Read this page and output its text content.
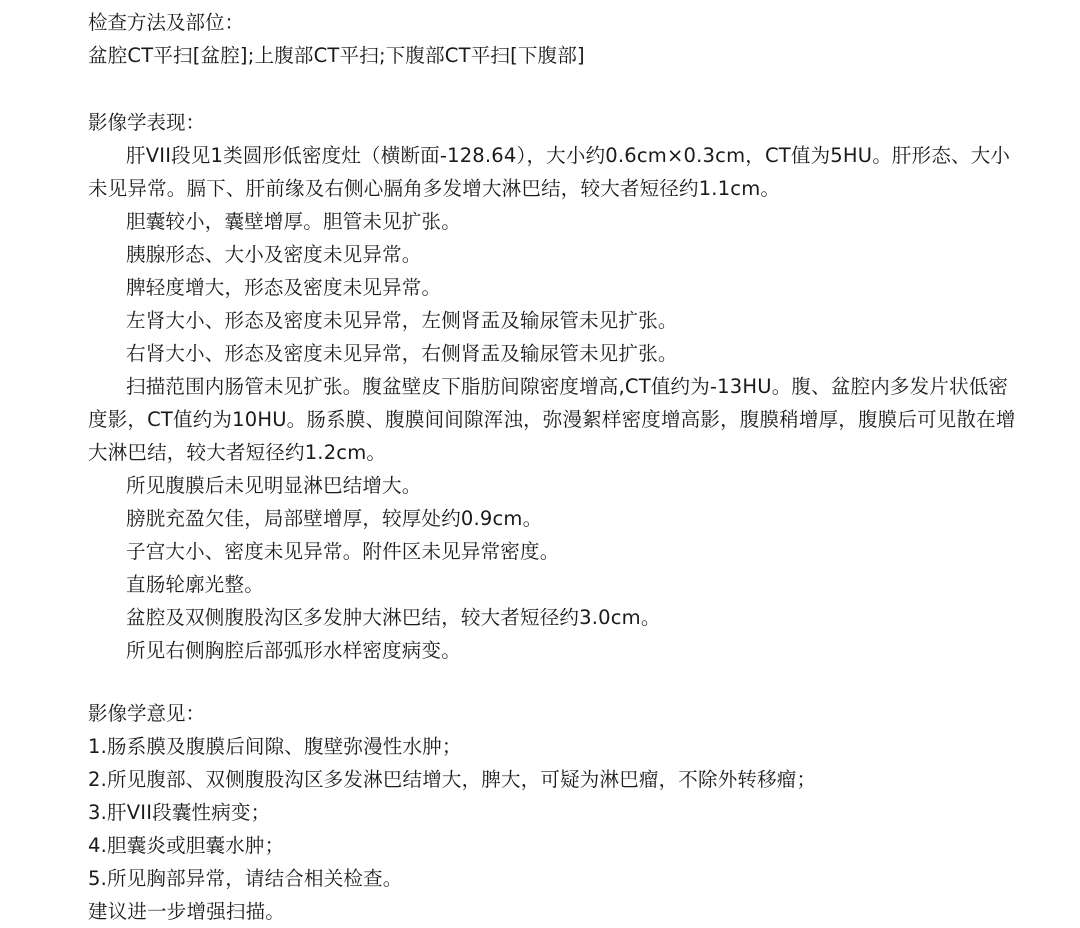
检查方法及部位：
盆腔CT平扫[盆腔];上腹部CT平扫;下腹部CT平扫[下腹部]
影像学表现：
肝VII段见1类圆形低密度灶（横断面-128.64），大小约0.6cm×0.3cm，CT值为5HU。肝形态、大小未见异常。膈下、肝前缘及右侧心膈角多发增大淋巴结，较大者短径约1.1cm。
胆囊较小，囊壁增厚。胆管未见扩张。
胰腺形态、大小及密度未见异常。
脾轻度增大，形态及密度未见异常。
左肾大小、形态及密度未见异常，左侧肾盂及输尿管未见扩张。
右肾大小、形态及密度未见异常，右侧肾盂及输尿管未见扩张。
扫描范围内肠管未见扩张。腹盆壁皮下脂肪间隙密度增高,CT值约为-13HU。腹、盆腔内多发片状低密度影，CT值约为10HU。肠系膜、腹膜间间隙浑浊，弥漫絮样密度增高影，腹膜稍增厚，腹膜后可见散在增大淋巴结，较大者短径约1.2cm。
所见腹膜后未见明显淋巴结增大。
膀胱充盈欠佳，局部壁增厚，较厚处约0.9cm。
子宫大小、密度未见异常。附件区未见异常密度。
直肠轮廓光整。
盆腔及双侧腹股沟区多发肿大淋巴结，较大者短径约3.0cm。
所见右侧胸腔后部弧形水样密度病变。
影像学意见：
1.肠系膜及腹膜后间隙、腹壁弥漫性水肿；
2.所见腹部、双侧腹股沟区多发淋巴结增大，脾大，可疑为淋巴瘤，不除外转移瘤；
3.肝VII段囊性病变；
4.胆囊炎或胆囊水肿；
5.所见胸部异常，请结合相关检查。
建议进一步增强扫描。
